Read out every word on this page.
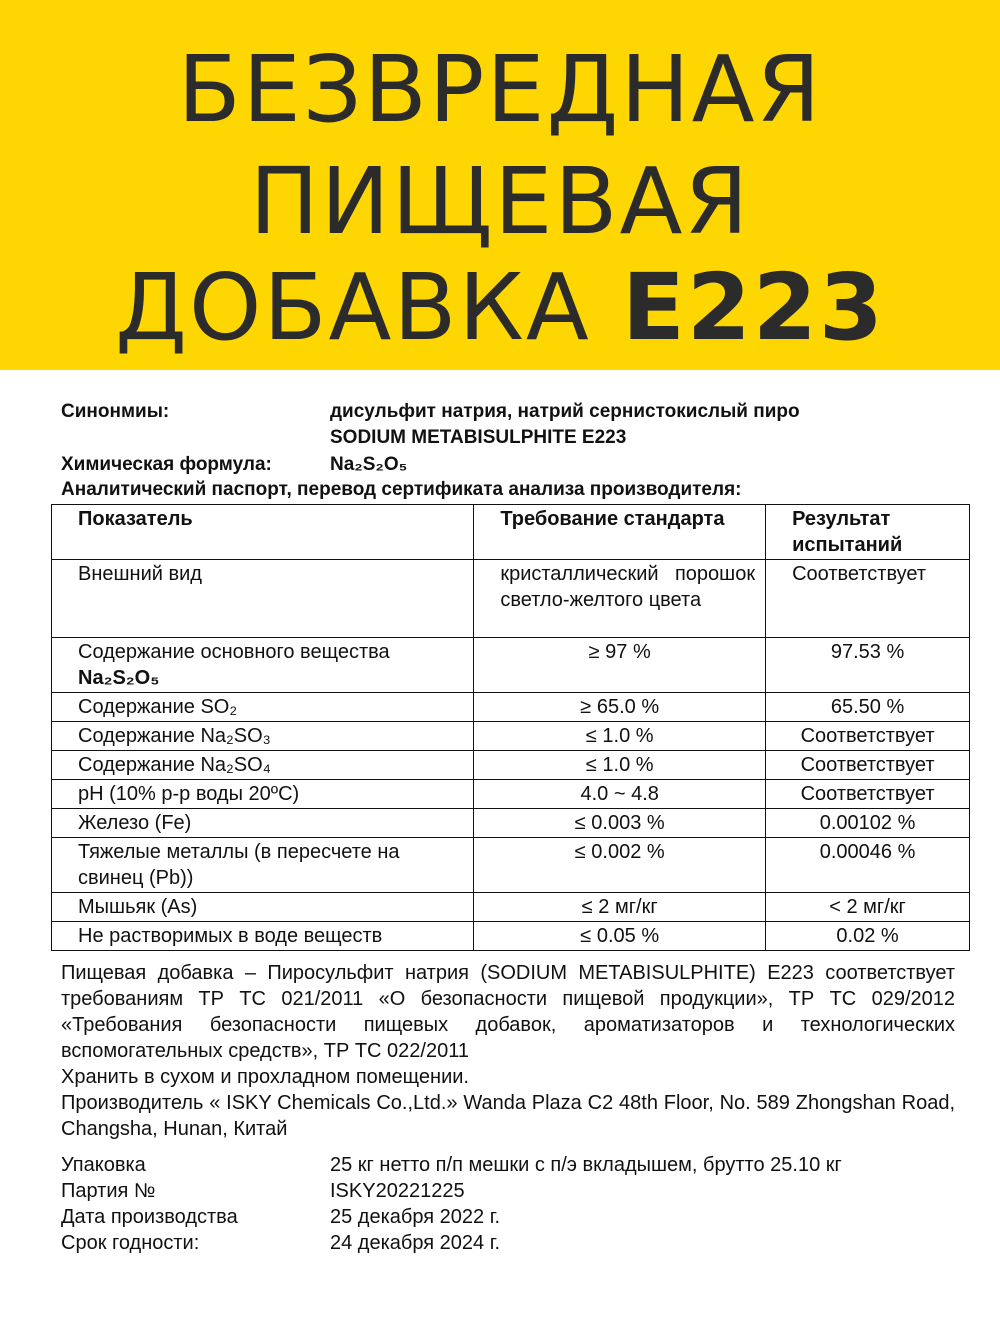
БЕЗВРЕДНАЯ
ПИЩЕВАЯ
ДОБАВКА Е223
Синонмиы:	дисульфит натрия, натрий сернистокислый пиро
SODIUM METABISULPHITE E223
Химическая формула:	Na₂S₂O₅
Аналитический паспорт, перевод сертификата анализа производителя:
Показатель	Требование стандарта	Результат испытаний
Внешний вид	кристаллический порошок светло-желтого цвета	Соответствует
Содержание основного вещества
Na₂S₂O₅	≥ 97 %	97.53 %
Содержание SO₂	≥ 65.0 %	65.50 %
Содержание Na₂SO₃	≤ 1.0 %	Соответствует
Содержание Na₂SO₄	≤ 1.0 %	Соответствует
pH (10% р-р воды 20ºС)	4.0 ~ 4.8	Соответствует
Железо (Fe)	≤ 0.003 %	0.00102 %
Тяжелые металлы (в пересчете на свинец (Pb))	≤ 0.002 %	0.00046 %
Мышьяк (As)	≤ 2 мг/кг	< 2 мг/кг
Не растворимых в воде веществ	≤ 0.05 %	0.02 %
Пищевая добавка – Пиросульфит натрия (SODIUM METABISULPHITE) E223 соответствует требованиям ТР ТС 021/2011 «О безопасности пищевой продукции», ТР ТС 029/2012 «Требования безопасности пищевых добавок, ароматизаторов и технологических вспомогательных средств», ТР ТС 022/2011
Хранить в сухом и прохладном помещении.
Производитель « ISKY Chemicals Co.,Ltd.» Wanda Plaza C2 48th Floor, No. 589 Zhongshan Road, Changsha, Hunan, Китай
Упаковка	25 кг нетто п/п мешки с п/э вкладышем, брутто 25.10 кг
Партия №	ISKY20221225
Дата производства	25 декабря 2022 г.
Срок годности:	24 декабря 2024 г.
